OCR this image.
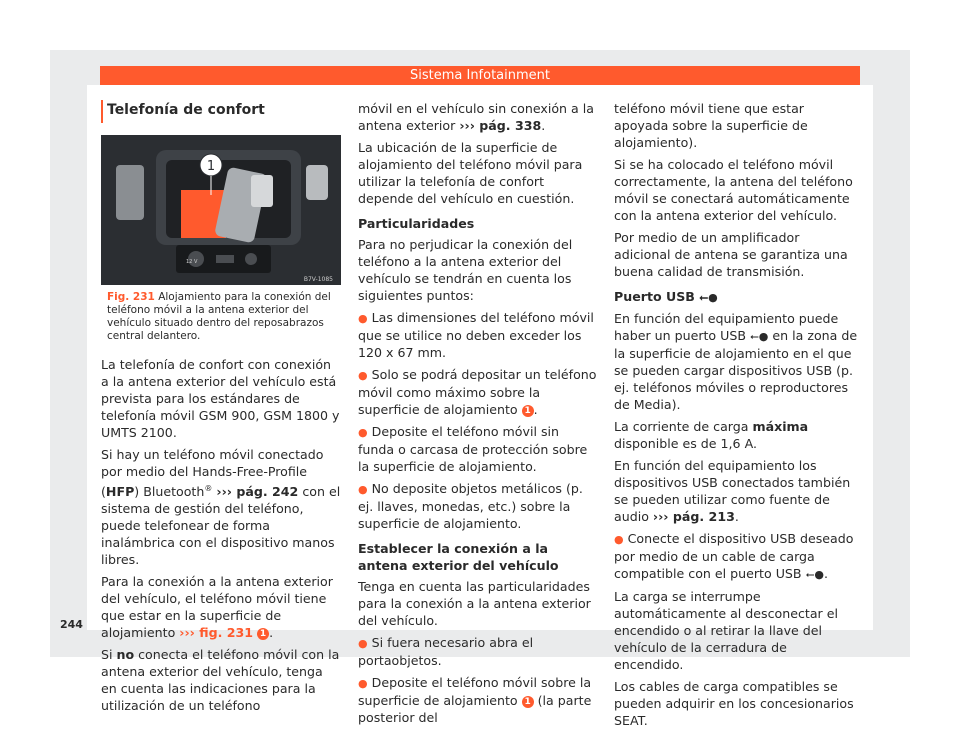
Sistema Infotainment
Telefonía de confort
1
12 V
B7V-1085
Fig. 231 Alojamiento para la conexión del teléfono móvil a la antena exterior del vehículo situado dentro del reposabrazos central delantero.

La telefonía de confort con conexión a la antena exterior del vehículo está prevista para los estándares de telefonía móvil GSM 900, GSM 1800 y UMTS 2100.

Si hay un teléfono móvil conectado por medio del Hands-Free-Profile (HFP) Bluetooth® ››› pág. 242 con el sistema de gestión del teléfono, puede telefonear de forma inalámbrica con el dispositivo manos libres.

Para la conexión a la antena exterior del vehículo, el teléfono móvil tiene que estar en la superficie de alojamiento ››› fig. 231 1 .

Si no conecta el teléfono móvil con la antena exterior del vehículo, tenga en cuenta las indicaciones para la utilización de un teléfono

móvil en el vehículo sin conexión a la antena exterior ››› pág. 338.

La ubicación de la superficie de alojamiento del teléfono móvil para utilizar la telefonía de confort depende del vehículo en cuestión.

Particularidades

Para no perjudicar la conexión del teléfono a la antena exterior del vehículo se tendrán en cuenta los siguientes puntos:

● Las dimensiones del teléfono móvil que se utilice no deben exceder los 120 x 67 mm.

● Solo se podrá depositar un teléfono móvil como máximo sobre la superficie de alojamiento 1 .

● Deposite el teléfono móvil sin funda o carcasa de protección sobre la superficie de alojamiento.

● No deposite objetos metálicos (p. ej. llaves, monedas, etc.) sobre la superficie de alojamiento.

Establecer la conexión a la antena exterior del vehículo

Tenga en cuenta las particularidades para la conexión a la antena exterior del vehículo.

● Si fuera necesario abra el portaobjetos.

● Deposite el teléfono móvil sobre la superficie de alojamiento 1 (la parte posterior del

teléfono móvil tiene que estar apoyada sobre la superficie de alojamiento).

Si se ha colocado el teléfono móvil correctamente, la antena del teléfono móvil se conectará automáticamente con la antena exterior del vehículo.

Por medio de un amplificador adicional de antena se garantiza una buena calidad de transmisión.

Puerto USB ⭠●

En función del equipamiento puede haber un puerto USB ⭠● en la zona de la superficie de alojamiento en el que se pueden cargar dispositivos USB (p. ej. teléfonos móviles o reproductores de Media).

La corriente de carga máxima disponible es de 1,6 A.

En función del equipamiento los dispositivos USB conectados también se pueden utilizar como fuente de audio ››› pág. 213.

● Conecte el dispositivo USB deseado por medio de un cable de carga compatible con el puerto USB ⭠●.

La carga se interrumpe automáticamente al desconectar el encendido o al retirar la llave del vehículo de la cerradura de encendido.

Los cables de carga compatibles se pueden adquirir en los concesionarios SEAT.

244
